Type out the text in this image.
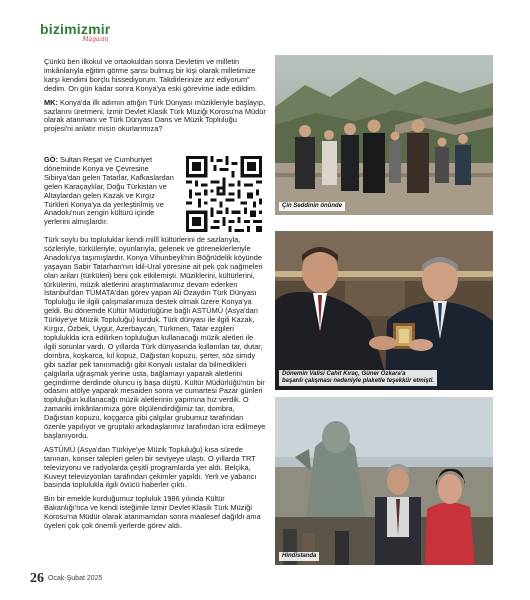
bizimizmir
Magazin

Çünkü ben ilkokul ve ortaokuldan sonra Devletim ve milletin imkânlarıyla eğitim görme şansı bulmuş bir kişi olarak milletimize karşı kendimi borçlu hissediyorum. Takdirlerinize arz ediyorum” dedim. On gün kadar sonra Konya'ya eski görevime iade edildim.

MK: Konya'da ilk adımın attığın Türk Dünyası müzikleriyle başlayıp, sazlarını üretmeni, İzmir Devlet Klasik Türk Müziği Korosu'na Müdür olarak atanmanı ve Türk Dünyası Dans ve Müzik Topluluğu projesi'ni anlatır mısın okurlarımıza?

GÖ: Sultan Reşat ve Cumhuriyet döneminde Konya ve Çevresine Sibirya'dan gelen Tatarlar, Kafkaslardan gelen Karaçaylılar, Doğu Türkistan ve Altaylardan gelen Kazak ve Kırgız Türkleri Konya'ya da yerleştirilmiş ve Anadolu'nun zengin kültürü içinde yerlerini almışlardır.

Türk soylu bu topluluklar kendi millî kültürlerini de sazlarıyla, sözleriyle, türküleriyle, oyunlarıyla, gelenek ve göreneklerleriyle Anadolu'ya taşımışlardır. Konya Vihunbeyli'nin Böğrüdelik köyünde yaşayan Sabir Tatarhan'nın İdil-Ural yöresine ait pek çok nağmeleri olan ariları (türküleri) beni çok etkilemişti. Müziklerini, kültürlerini, türkülerini, müzik aletlerini araştırmalarımız devam ederken İstanbul'dan TÜMATA'dan görev yapan Ali Özaydın Türk Dünyası Topluluğu ile ilgili çalışmalarımıza destek olmak üzere Konya'ya geldi. Bu dönemde Kültür Müdürlüğüne bağlı ASTÜMÜ (Asya'dan Türkiye'ye Müzik Topluluğu) kurduk. Türk dünyası ile ilgili Kazak, Kırgız, Özbek, Uygur, Azerbaycan, Türkmen, Tatar ezgileri topluluklda icra edilirken topluluğun kullanacağı müzik aletleri ile ilgili sorunlar vardı. O yıllarda Türk dünyasında kullanılan tar, dutar, dombra, koşkarca, kıl kopuz, Dağıstan kopuzu, şerter, söz simdy gibi sazlar pek tanınmadığı gibi Konyalı ustalar da bilmedikleri çalgılarla uğraşmak yerine usta, bağlamayı yaparak aletlerini geçindirme derdinde oluncu iş başa düştü. Kültür Müdürlüğü'nün bir odasını atölye yaparak mesaiden sonra ve cumartesi Pazar günleri topluluğun kullanacağı müzik aletlerinin yapımına hız verdik. O zamanki imkânlarımıza göre ölçülendirdiğimiz tar, dombra, Dağıstan kopuzu, koçgarca gibi çalgılar grubumuz tarafından özenle yapılıyor ve gruptaki arkadaşlarımız tarafından icra edilmeye başlanıyordu.

ASTÜMÜ (Asya'dan Türkiye'ye Müzik Topluluğu) kısa sürede tanınan, konser talepleri gelen bir seviyeye ulaştı. O yıllarda TRT televizyonu ve radyolarda çeşitli programlarda yer aldı. Belçika, Kuveyt televizyonları tarafından çekimler yapıldı. Yerli ve yabancı basında toplulukla ilgili övücü haberler çıktı.

Bin bir emekle kurduğumuz topluluk 1986 yılında Kültür Bakanlığı'nca ve kendi isteğimle İzmir Devlet Klasik Türk Müziği Korosu'na Müdür olarak atanmamdan sonra maalesef dağıldı ama üyeleri çok çok önemli yerlerde görev aldı.

Çin Seddinin önünde
Dönemin Valisi Cahit Kıraç, Güner Özkara'a
başarılı çalışması nedeniyle plaketle teşekkür etmişti.
Hindistanda
26 Ocak-Şubat 2025
